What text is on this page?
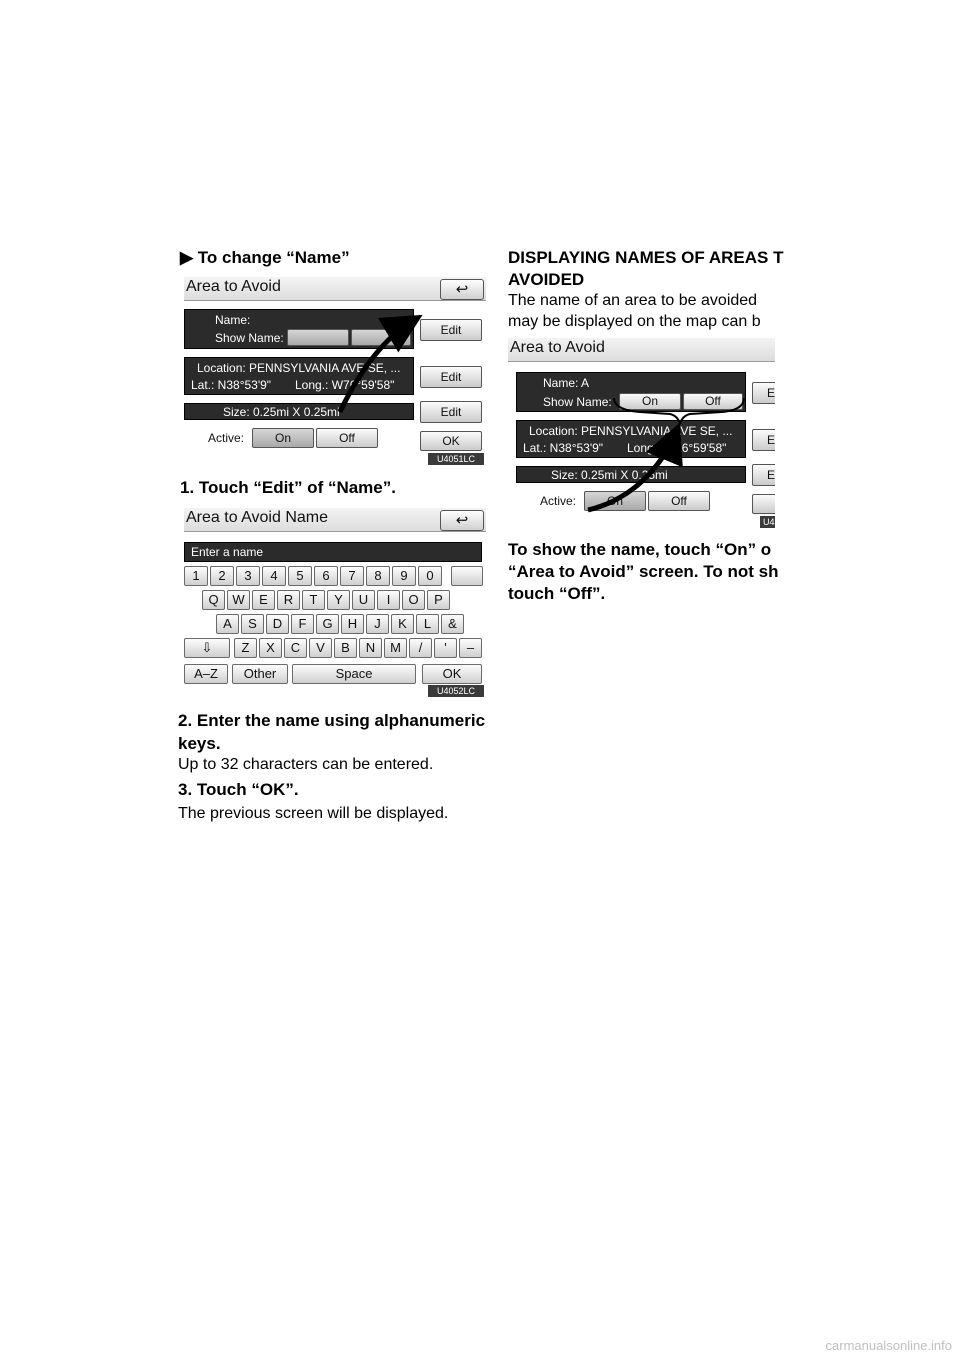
▶ To change “Name”
Area to Avoid	↩
Name:
Show Name:
Edit
Location: PENNSYLVANIA AVE SE, ...
Lat.: N38°53'9" Long.: W76°59'58"
Edit
Size: 0.25mi X 0.25mi	Edit
Active:	On	Off	OK
U4051LC
1. Touch “Edit” of “Name”.
Area to Avoid Name	↩
Enter a name
1	2	3	4	5	6	7	8	9	0
Q	W	E	R	T	Y	U	I	O	P
A	S	D	F	G	H	J	K	L	&
Z	X	C	V	B	N	M	/	'	–
⇩
A–Z	Other	Space	OK
U4052LC
2. Enter the name using alphanumeric
keys.
Up to 32 characters can be entered.
3. Touch “OK”.
The previous screen will be displayed.
DISPLAYING NAMES OF AREAS T
AVOIDED
The name of an area to be avoided
may be displayed on the map can b
Area to Avoid
Name: A
Show Name:	On	Off
E
Location: PENNSYLVANIA AVE SE, ...
Lat.: N38°53'9" Long.: W76°59'58"
E
Size: 0.25mi X 0.25mi	E
Active:	On	Off
U4
To show the name, touch “On” o
“Area to Avoid” screen. To not sh
touch “Off”.
carmanualsonline.info
